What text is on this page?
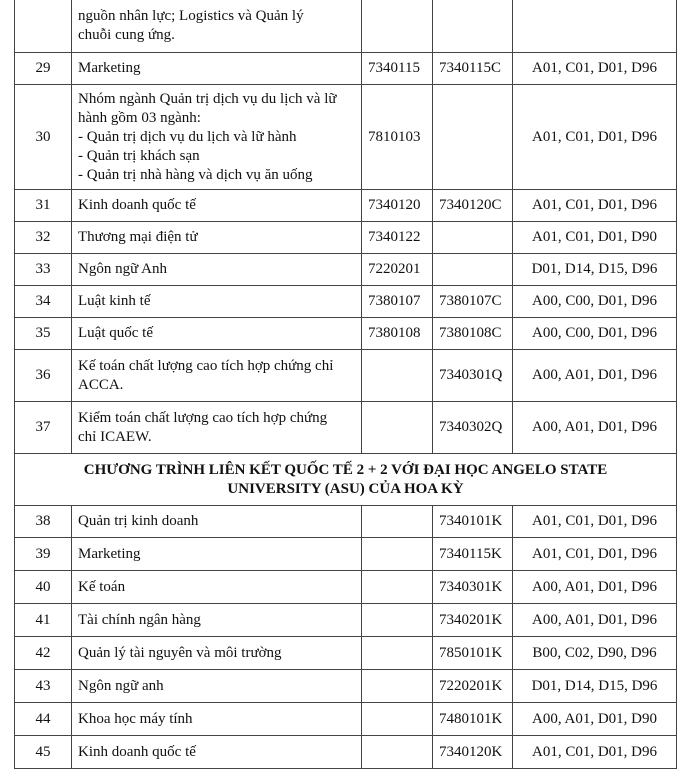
	nguồn nhân lực; Logistics và Quản lý
chuỗi cung ứng.			

29	Marketing	7340115	7340115C	A01, C01, D01, D96
30	Nhóm ngành Quản trị dịch vụ du lịch và lữ
hành gồm 03 ngành:
- Quản trị dịch vụ du lịch và lữ hành
- Quản trị khách sạn
- Quản trị nhà hàng và dịch vụ ăn uống	7810103		A01, C01, D01, D96
31	Kinh doanh quốc tế	7340120	7340120C	A01, C01, D01, D96
32	Thương mại điện tử	7340122		A01, C01, D01, D90
33	Ngôn ngữ Anh	7220201		D01, D14, D15, D96
34	Luật kinh tế	7380107	7380107C	A00, C00, D01, D96
35	Luật quốc tế	7380108	7380108C	A00, C00, D01, D96
36	Kế toán chất lượng cao tích hợp chứng chỉ
ACCA.		7340301Q	A00, A01, D01, D96
37	Kiểm toán chất lượng cao tích hợp chứng
chỉ ICAEW.		7340302Q	A00, A01, D01, D96

CHƯƠNG TRÌNH LIÊN KẾT QUỐC TẾ 2 + 2 VỚI ĐẠI HỌC ANGELO STATE
UNIVERSITY (ASU) CỦA HOA KỲ				

38	Quản trị kinh doanh		7340101K	A01, C01, D01, D96
39	Marketing		7340115K	A01, C01, D01, D96
40	Kế toán		7340301K	A00, A01, D01, D96
41	Tài chính ngân hàng		7340201K	A00, A01, D01, D96
42	Quản lý tài nguyên và môi trường		7850101K	B00, C02, D90, D96
43	Ngôn ngữ anh		7220201K	D01, D14, D15, D96
44	Khoa học máy tính		7480101K	A00, A01, D01, D90
45	Kinh doanh quốc tế		7340120K	A01, C01, D01, D96
